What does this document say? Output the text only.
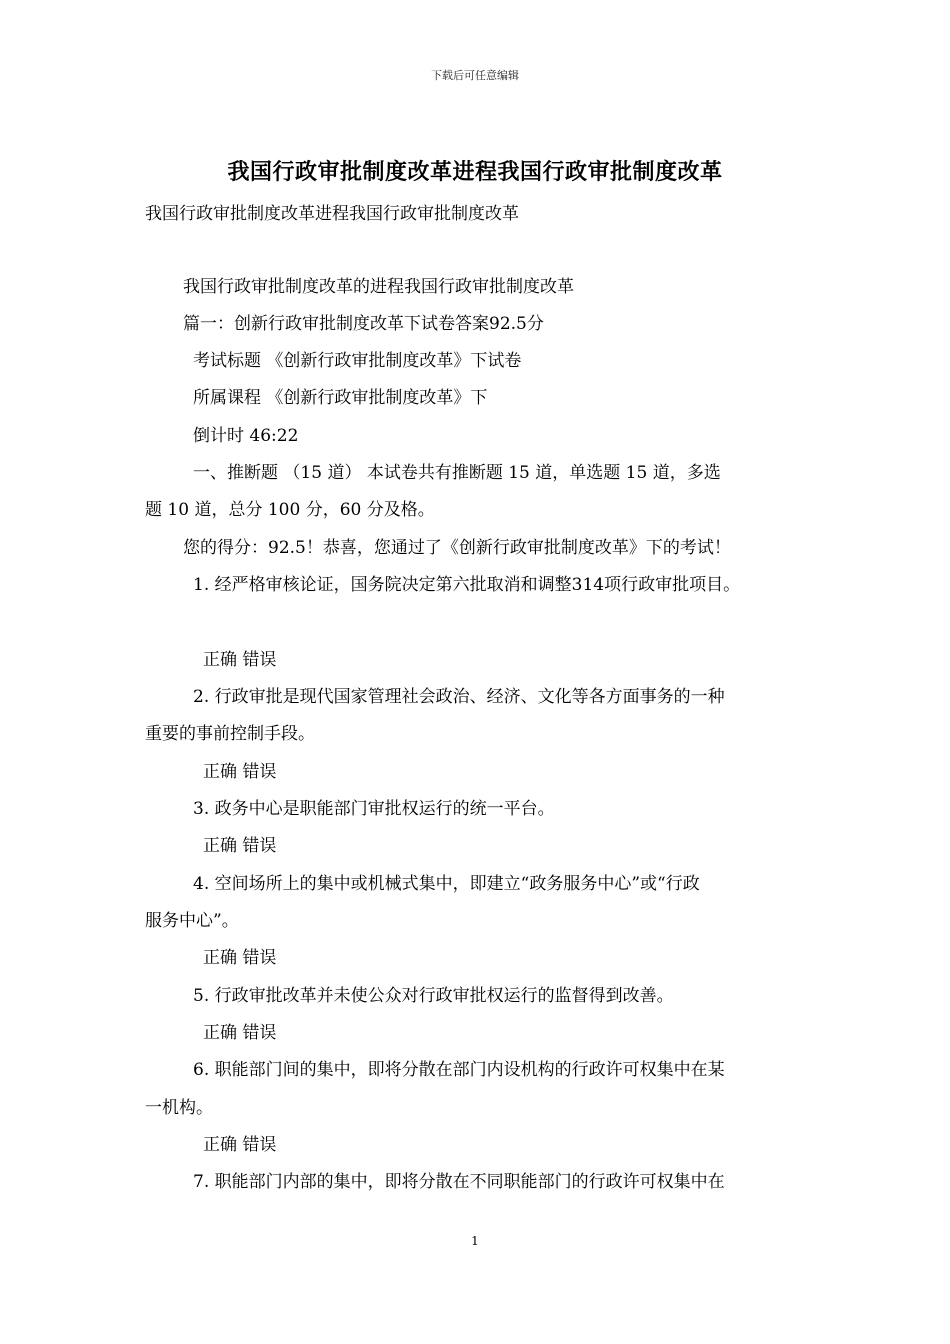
下载后可任意编辑
我国行政审批制度改革进程我国行政审批制度改革
我国行政审批制度改革进程我国行政审批制度改革
我国行政审批制度改革的进程我国行政审批制度改革
篇一：创新行政审批制度改革下试卷答案92.5分
考试标题 《创新行政审批制度改革》下试卷
所属课程 《创新行政审批制度改革》下
倒计时 46:22
一、推断题 （15 道） 本试卷共有推断题 15 道，单选题 15 道，多选
题 10 道，总分 100 分，60 分及格。
您的得分：92.5！恭喜，您通过了《创新行政审批制度改革》下的考试！
1. 经严格审核论证，国务院决定第六批取消和调整314项行政审批项目。
正确 错误
2. 行政审批是现代国家管理社会政治、经济、文化等各方面事务的一种
重要的事前控制手段。
正确 错误
3. 政务中心是职能部门审批权运行的统一平台。
正确 错误
4. 空间场所上的集中或机械式集中，即建立“政务服务中心”或“行政
服务中心”。
正确 错误
5. 行政审批改革并未使公众对行政审批权运行的监督得到改善。
正确 错误
6. 职能部门间的集中，即将分散在部门内设机构的行政许可权集中在某
一机构。
正确 错误
7. 职能部门内部的集中，即将分散在不同职能部门的行政许可权集中在
1
